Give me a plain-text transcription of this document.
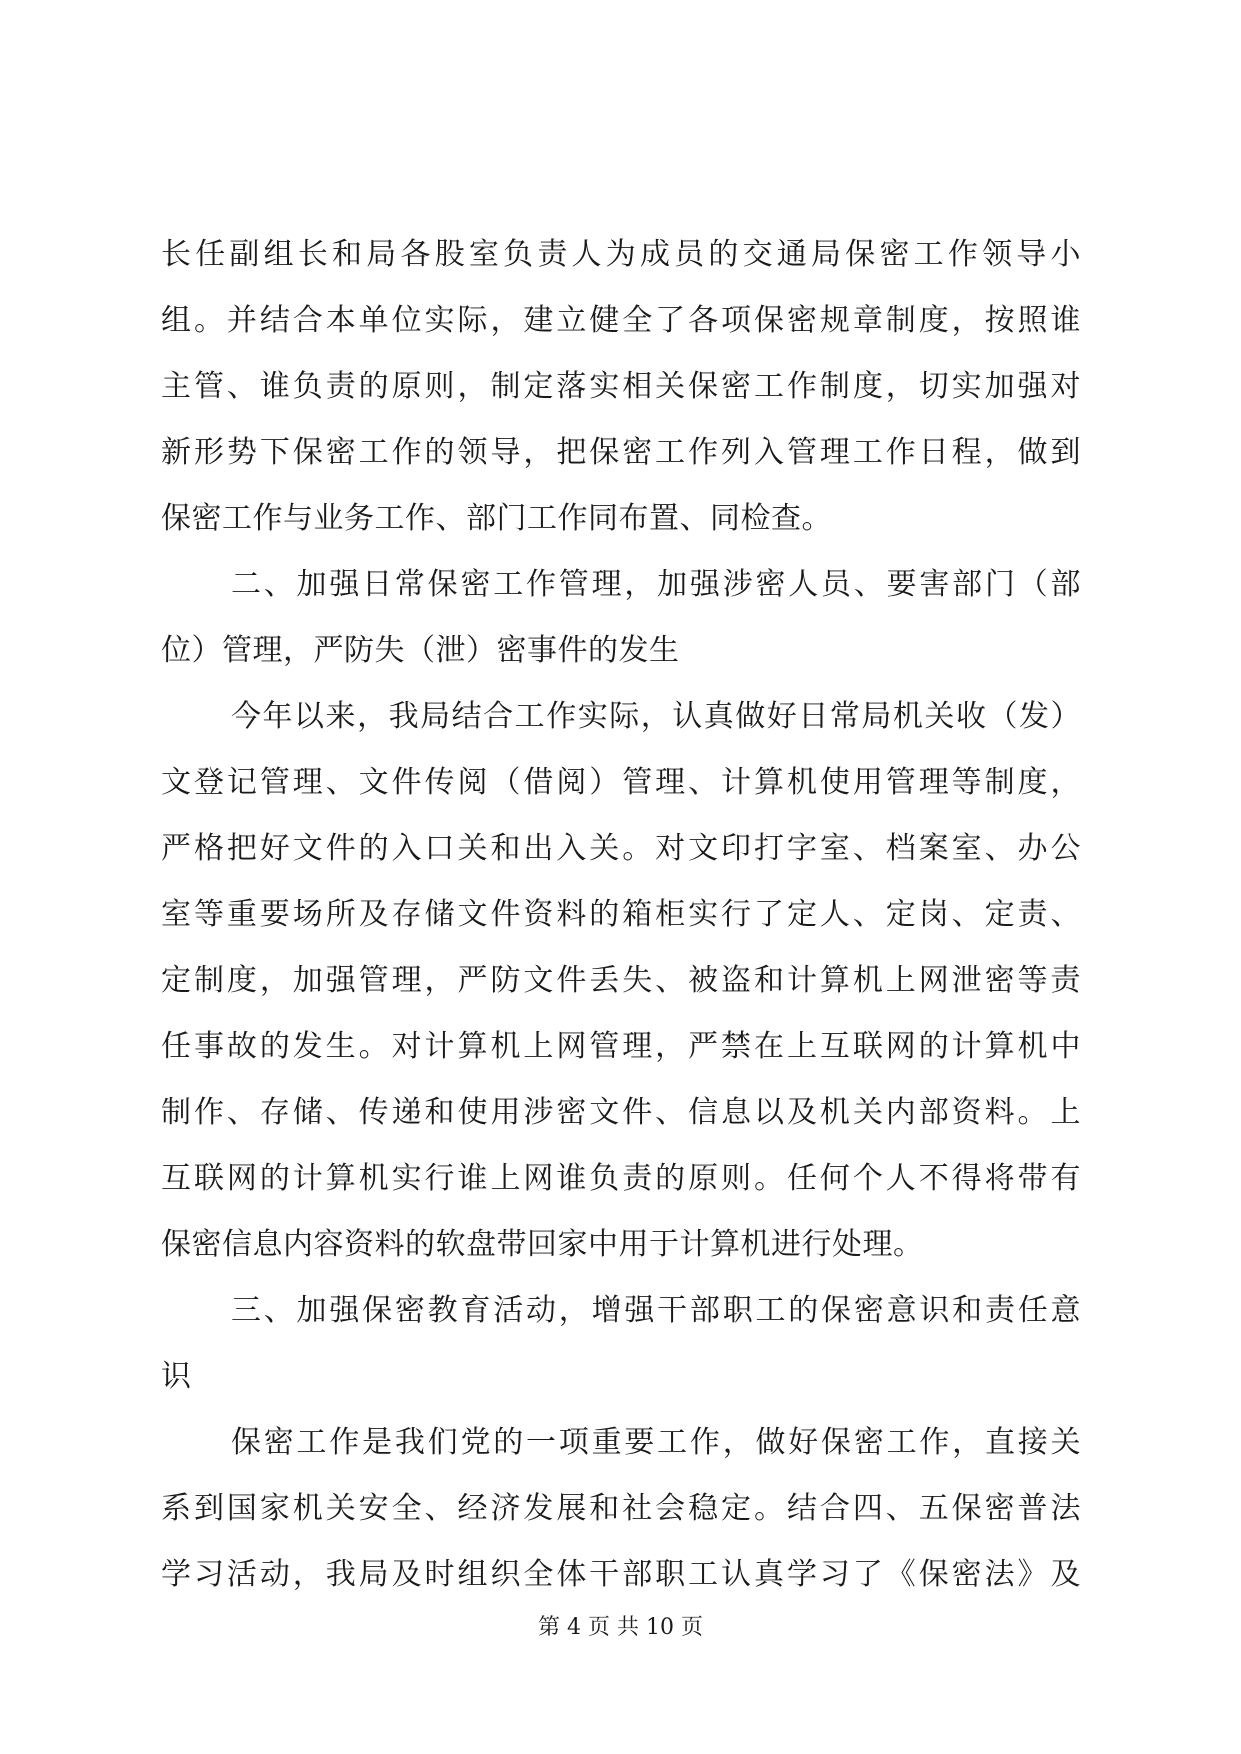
长任副组长和局各股室负责人为成员的交通局保密工作领导小
组。并结合本单位实际，建立健全了各项保密规章制度，按照谁
主管、谁负责的原则，制定落实相关保密工作制度，切实加强对
新形势下保密工作的领导，把保密工作列入管理工作日程，做到
保密工作与业务工作、部门工作同布置、同检查。
二、加强日常保密工作管理，加强涉密人员、要害部门（部
位）管理，严防失（泄）密事件的发生
今年以来，我局结合工作实际，认真做好日常局机关收（发）
文登记管理、文件传阅（借阅）管理、计算机使用管理等制度，
严格把好文件的入口关和出入关。对文印打字室、档案室、办公
室等重要场所及存储文件资料的箱柜实行了定人、定岗、定责、
定制度，加强管理，严防文件丢失、被盗和计算机上网泄密等责
任事故的发生。对计算机上网管理，严禁在上互联网的计算机中
制作、存储、传递和使用涉密文件、信息以及机关内部资料。上
互联网的计算机实行谁上网谁负责的原则。任何个人不得将带有
保密信息内容资料的软盘带回家中用于计算机进行处理。
三、加强保密教育活动，增强干部职工的保密意识和责任意
识
保密工作是我们党的一项重要工作，做好保密工作，直接关
系到国家机关安全、经济发展和社会稳定。结合四、五保密普法
学习活动，我局及时组织全体干部职工认真学习了《保密法》及
第 4 页 共 10 页
